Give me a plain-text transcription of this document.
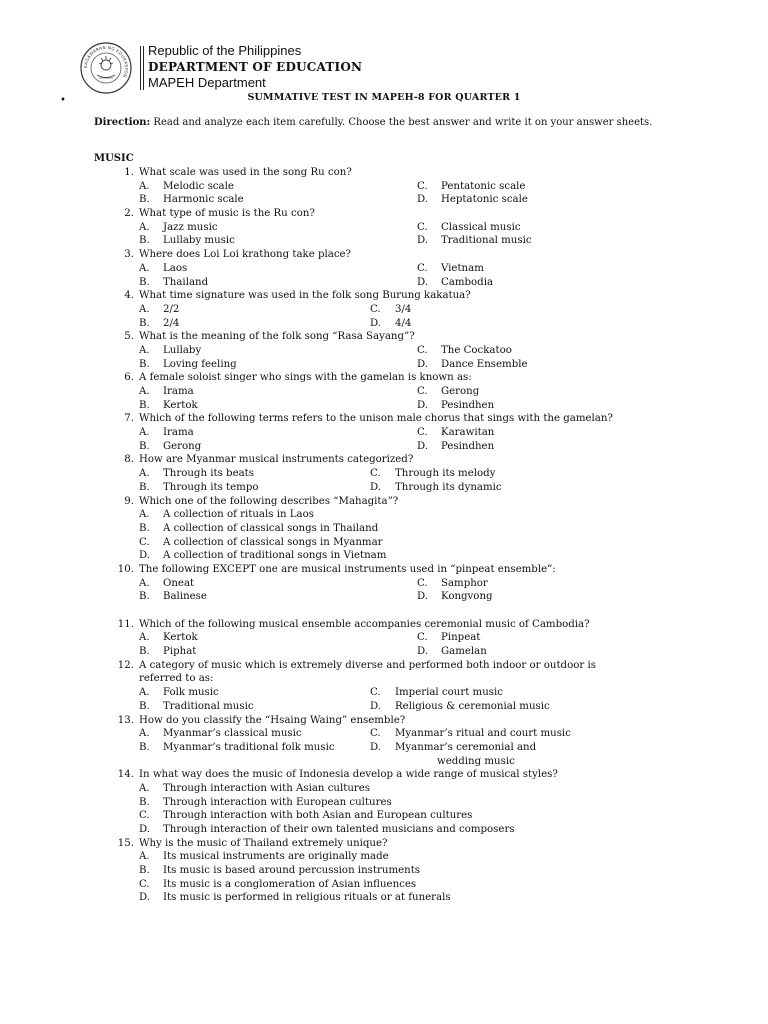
KAGAWARAN NG EDUKASYON
Republic of the Philippines
DEPARTMENT OF EDUCATION
MAPEH Department
•	SUMMATIVE TEST IN MAPEH-8 FOR QUARTER 1
Direction: Read and analyze each item carefully. Choose the best answer and write it on your answer sheets.
MUSIC
1. What scale was used in the song Ru con?
A. Melodic scale	C. Pentatonic scale
B. Harmonic scale	D. Heptatonic scale
2. What type of music is the Ru con?
A. Jazz music	C. Classical music
B. Lullaby music	D. Traditional music
3. Where does Loi Loi krathong take place?
A. Laos	C. Vietnam
B. Thailand	D. Cambodia
4. What time signature was used in the folk song Burung kakatua?
A. 2/2	C. 3/4
B. 2/4	D. 4/4
5. What is the meaning of the folk song “Rasa Sayang”?
A. Lullaby	C. The Cockatoo
B. Loving feeling	D. Dance Ensemble
6. A female soloist singer who sings with the gamelan is known as:
A. Irama	C. Gerong
B. Kertok	D. Pesindhen
7. Which of the following terms refers to the unison male chorus that sings with the gamelan?
A. Irama	C. Karawitan
B. Gerong	D. Pesindhen
8. How are Myanmar musical instruments categorized?
A. Through its beats	C. Through its melody
B. Through its tempo	D. Through its dynamic
9. Which one of the following describes “Mahagita”?
A. A collection of rituals in Laos
B. A collection of classical songs in Thailand
C. A collection of classical songs in Myanmar
D. A collection of traditional songs in Vietnam
10. The following EXCEPT one are musical instruments used in “pinpeat ensemble”:
A. Oneat	C. Samphor
B. Balinese	D. Kongvong
11. Which of the following musical ensemble accompanies ceremonial music of Cambodia?
A. Kertok	C. Pinpeat
B. Piphat	D. Gamelan
12. A category of music which is extremely diverse and performed both indoor or outdoor is
referred to as:
A. Folk music	C. Imperial court music
B. Traditional music	D. Religious & ceremonial music
13. How do you classify the “Hsaing Waing” ensemble?
A. Myanmar’s classical music	C. Myanmar’s ritual and court music
B. Myanmar’s traditional folk music	D. Myanmar’s ceremonial and
wedding music
14. In what way does the music of Indonesia develop a wide range of musical styles?
A. Through interaction with Asian cultures
B. Through interaction with European cultures
C. Through interaction with both Asian and European cultures
D. Through interaction of their own talented musicians and composers
15. Why is the music of Thailand extremely unique?
A. Its musical instruments are originally made
B. Its music is based around percussion instruments
C. Its music is a conglomeration of Asian influences
D. Its music is performed in religious rituals or at funerals
